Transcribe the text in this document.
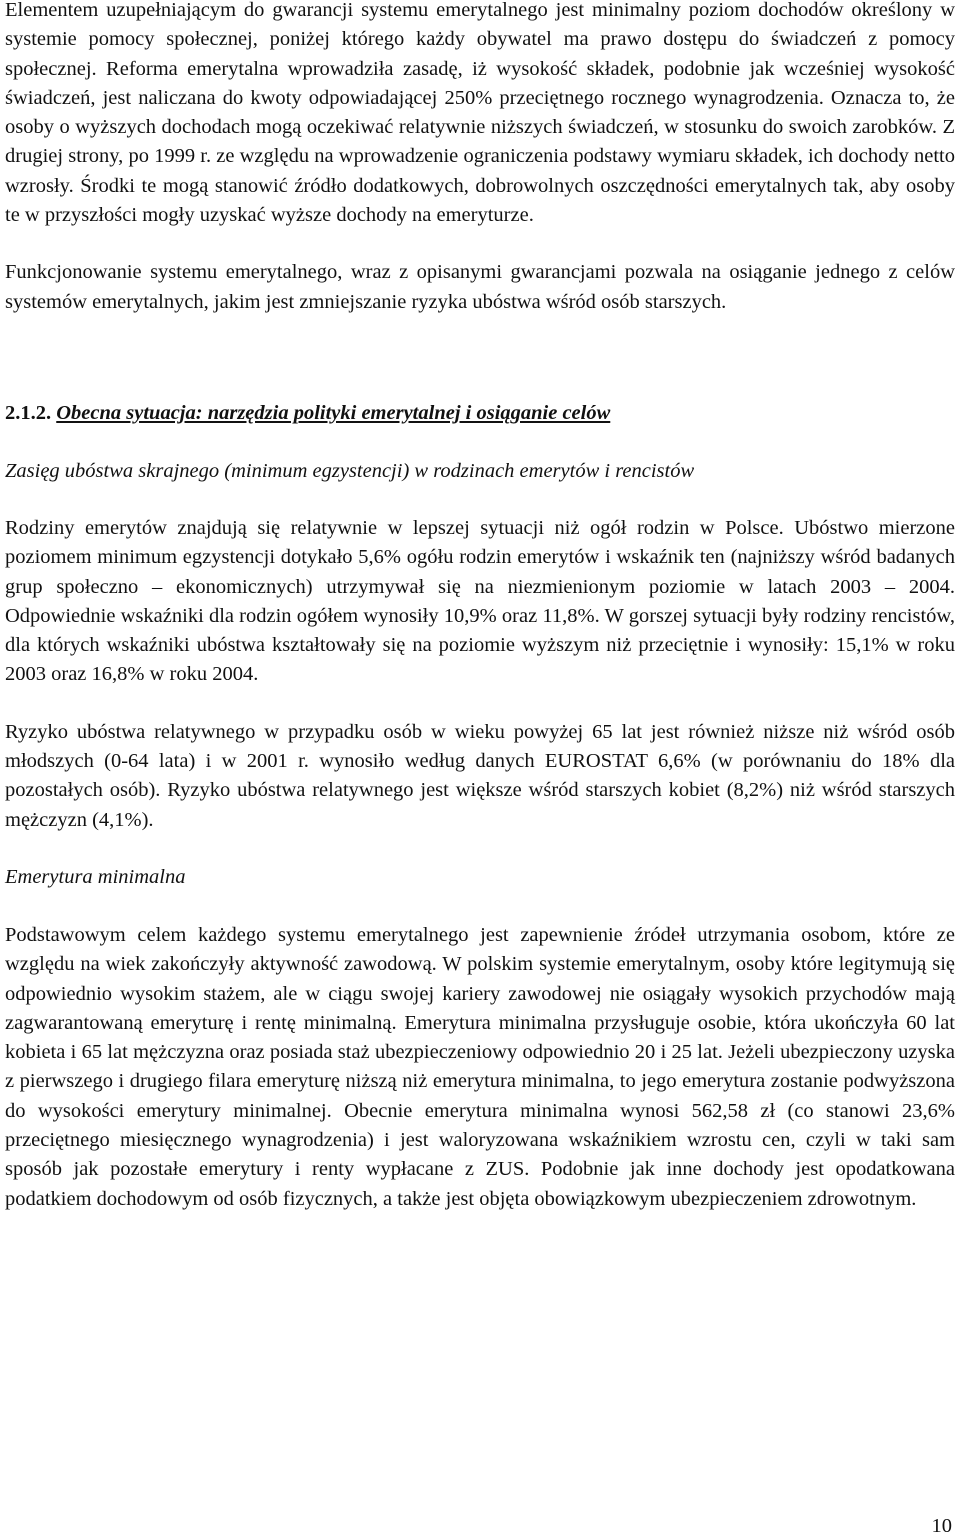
Elementem uzupełniającym do gwarancji systemu emerytalnego jest minimalny poziom dochodów określony w systemie pomocy społecznej, poniżej którego każdy obywatel ma prawo dostępu do świadczeń z pomocy społecznej. Reforma emerytalna wprowadziła zasadę, iż wysokość składek, podobnie jak wcześniej wysokość świadczeń, jest naliczana do kwoty odpowiadającej 250% przeciętnego rocznego wynagrodzenia. Oznacza to, że osoby o wyższych dochodach mogą oczekiwać relatywnie niższych świadczeń, w stosunku do swoich zarobków. Z drugiej strony, po 1999 r. ze względu na wprowadzenie ograniczenia podstawy wymiaru składek, ich dochody netto wzrosły. Środki te mogą stanowić źródło dodatkowych, dobrowolnych oszczędności emerytalnych tak, aby osoby te w przyszłości mogły uzyskać wyższe dochody na emeryturze.

Funkcjonowanie systemu emerytalnego, wraz z opisanymi gwarancjami pozwala na osiąganie jednego z celów systemów emerytalnych, jakim jest zmniejszanie ryzyka ubóstwa wśród osób starszych.

2.1.2. Obecna sytuacja: narzędzia polityki emerytalnej i osiąganie celów
Zasięg ubóstwa skrajnego (minimum egzystencji) w rodzinach emerytów i rencistów

Rodziny emerytów znajdują się relatywnie w lepszej sytuacji niż ogół rodzin w Polsce. Ubóstwo mierzone poziomem minimum egzystencji dotykało 5,6% ogółu rodzin emerytów i wskaźnik ten (najniższy wśród badanych grup społeczno – ekonomicznych) utrzymywał się na niezmienionym poziomie w latach 2003 – 2004. Odpowiednie wskaźniki dla rodzin ogółem wynosiły 10,9% oraz 11,8%. W gorszej sytuacji były rodziny rencistów, dla których wskaźniki ubóstwa kształtowały się na poziomie wyższym niż przeciętnie i wynosiły: 15,1% w roku 2003 oraz 16,8% w roku 2004.

Ryzyko ubóstwa relatywnego w przypadku osób w wieku powyżej 65 lat jest również niższe niż wśród osób młodszych (0-64 lata) i w 2001 r. wynosiło według danych EUROSTAT 6,6% (w porównaniu do 18% dla pozostałych osób). Ryzyko ubóstwa relatywnego jest większe wśród starszych kobiet (8,2%) niż wśród starszych mężczyzn (4,1%).

Emerytura minimalna

Podstawowym celem każdego systemu emerytalnego jest zapewnienie źródeł utrzymania osobom, które ze względu na wiek zakończyły aktywność zawodową. W polskim systemie emerytalnym, osoby które legitymują się odpowiednio wysokim stażem, ale w ciągu swojej kariery zawodowej nie osiągały wysokich przychodów mają zagwarantowaną emeryturę i rentę minimalną. Emerytura minimalna przysługuje osobie, która ukończyła 60 lat kobieta i 65 lat mężczyzna oraz posiada staż ubezpieczeniowy odpowiednio 20 i 25 lat. Jeżeli ubezpieczony uzyska z pierwszego i drugiego filara emeryturę niższą niż emerytura minimalna, to jego emerytura zostanie podwyższona do wysokości emerytury minimalnej. Obecnie emerytura minimalna wynosi 562,58 zł (co stanowi 23,6% przeciętnego miesięcznego wynagrodzenia) i jest waloryzowana wskaźnikiem wzrostu cen, czyli w taki sam sposób jak pozostałe emerytury i renty wypłacane z ZUS. Podobnie jak inne dochody jest opodatkowana podatkiem dochodowym od osób fizycznych, a także jest objęta obowiązkowym ubezpieczeniem zdrowotnym.

10
